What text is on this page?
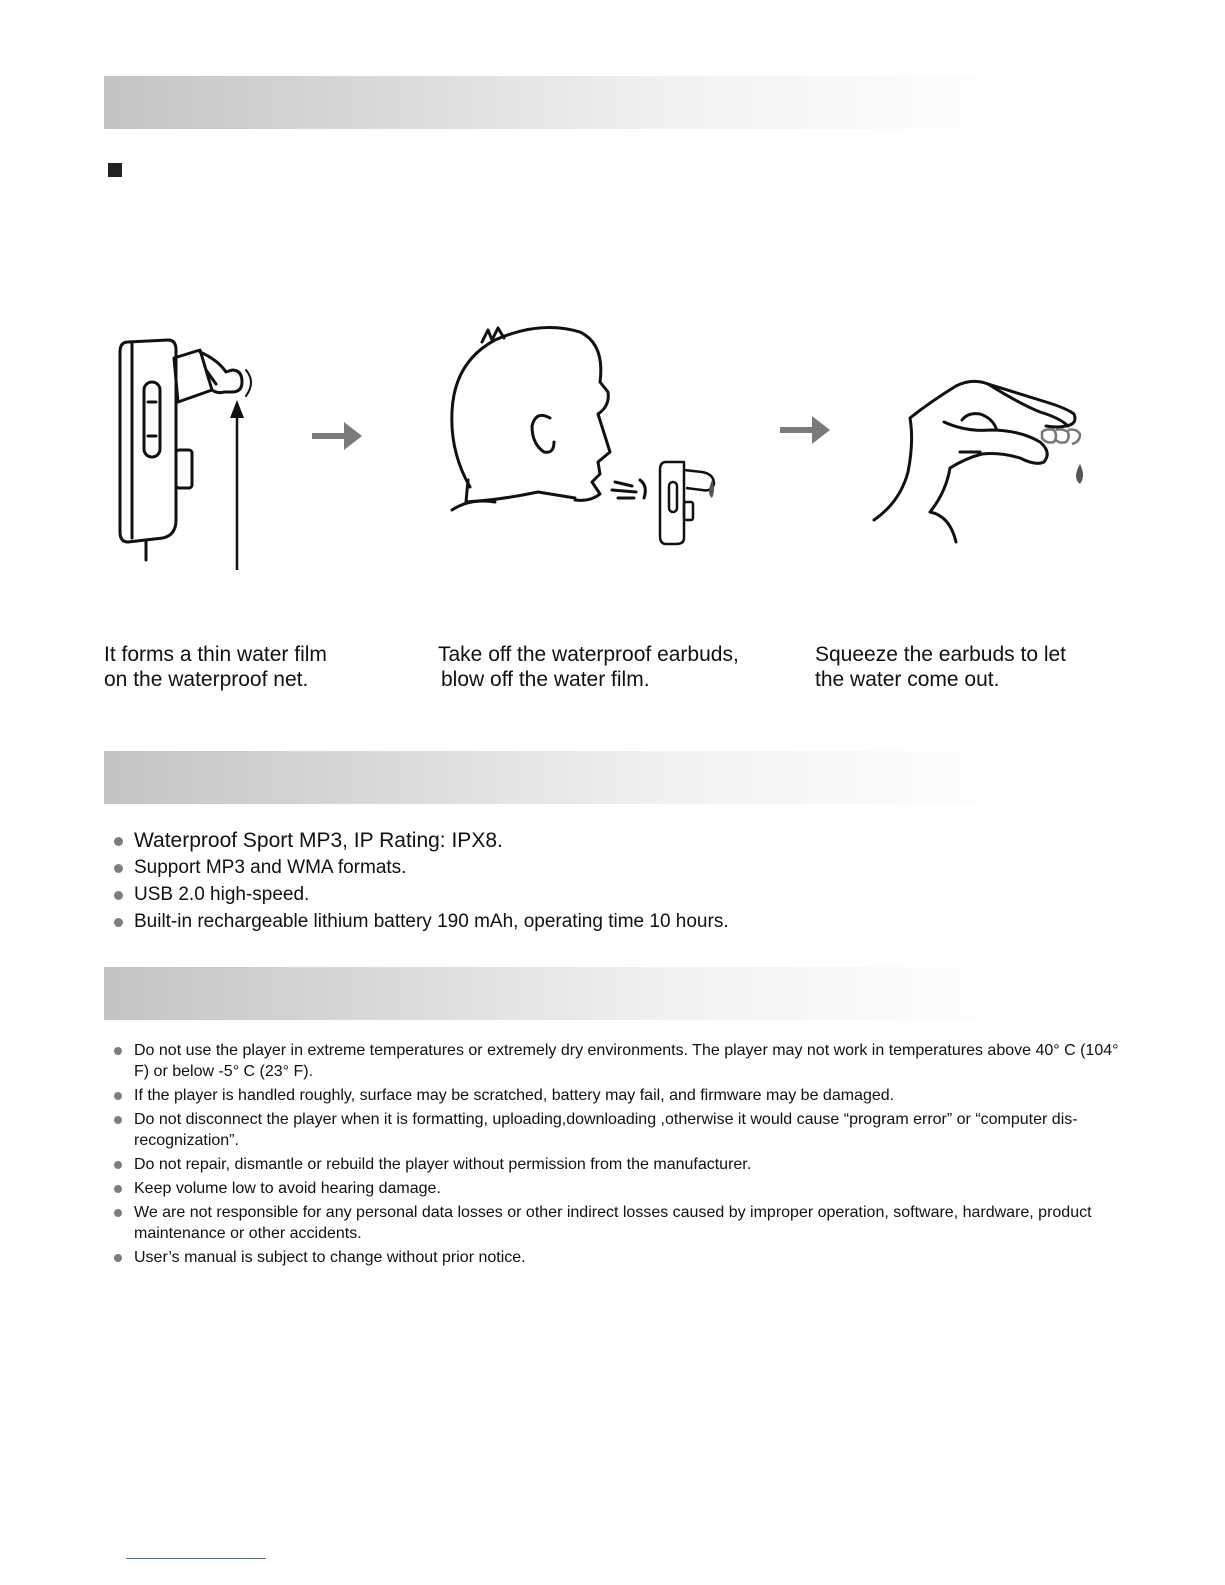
It forms a thin water film
on the waterproof net.
Take off the waterproof earbuds,
blow off the water film.
Squeeze the earbuds to let
the water come out.
Waterproof Sport MP3, IP Rating: IPX8.
Support MP3 and WMA formats.
USB 2.0 high-speed.
Built-in rechargeable lithium battery 190 mAh, operating time 10 hours.
Do not use the player in extreme temperatures or extremely dry environments. The player may not work in temperatures above 40° C (104° F) or below -5° C (23° F).
If the player is handled roughly, surface may be scratched, battery may fail, and firmware may be damaged.
Do not disconnect the player when it is formatting, uploading,downloading ,otherwise it would cause “program error” or “computer dis-recognization”.
Do not repair, dismantle or rebuild the player without permission from the manufacturer.
Keep volume low to avoid hearing damage.
We are not responsible for any personal data losses or other indirect losses caused by improper operation, software, hardware, product maintenance or other accidents.
User’s manual is subject to change without prior notice.
